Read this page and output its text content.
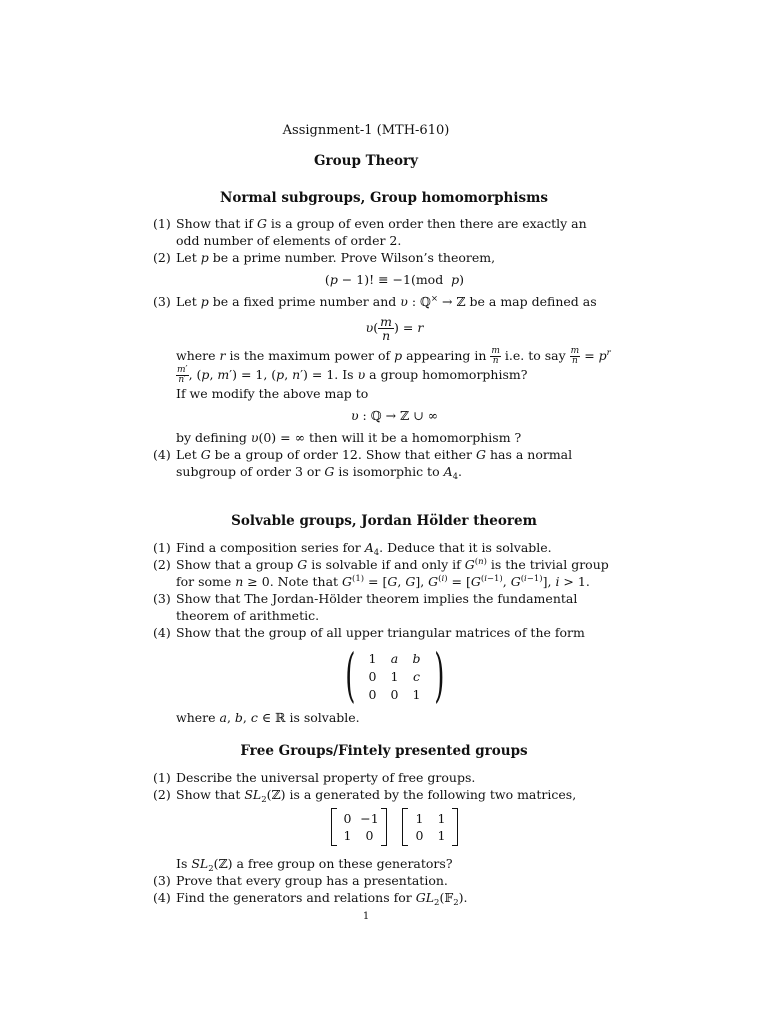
Assignment-1 (MTH-610)
Group Theory
Normal subgroups, Group homomorphisms
(1) Show that if G is a group of even order then there are exactly an odd number of elements of order 2.
(2) Let p be a prime number. Prove Wilson’s theorem,
(p − 1)! ≡ −1(mod  p)
(3) Let p be a fixed prime number and υ : ℚ× → ℤ be a map defined as
$\upsilon( \frac{m}{n}$ ) = r

where r is the maximum power of p appearing in $\frac{m}{n} i.e$. to say $\frac{m}{n} = p^r$
$\frac{m'}{n'}$ , (p, m′) = 1, (p, n′) = 1. Is υ a group homomorphism?

If we modify the above map to

υ : ℚ → ℤ ∪ ∞

by defining υ(0) = ∞ then will it be a homomorphism ?

(4) Let G be a group of order 12. Show that either G has a normal subgroup of order 3 or G is isomorphic to $A_4$.
Solvable groups, Jordan Hölder theorem
(1) Find a composition series for $A_4$. Deduce that it is solvable.
(2) Show that a group G is solvable if and only if $G^{(n)}$ is the trivial group for some n ≥ 0. Note that $G^{(1)} = [G$, G], $G^{(i)} = [G^{(i-1)}$, $G^{(i-1)}$], i > 1.
(3) Show that The Jordan-Hölder theorem implies the fundamental theorem of arithmetic.
(4) Show that the group of all upper triangular matrices of the form
(	1	a	b
0	1	c
0	0	1 )

where a, b, c ∈ ℝ is solvable.

Free Groups/Fintely presented groups
(1) Describe the universal property of free groups.
(2) Show that $SL_2(ℤ)$ is a generated by the following two matrices,
0 −1
1	0

1	1
0	1

Is $SL_2(ℤ)$ a free group on these generators?

(3) Prove that every group has a presentation.
(4) Find the generators and relations for $GL_2(𝔽_2)$.
1
